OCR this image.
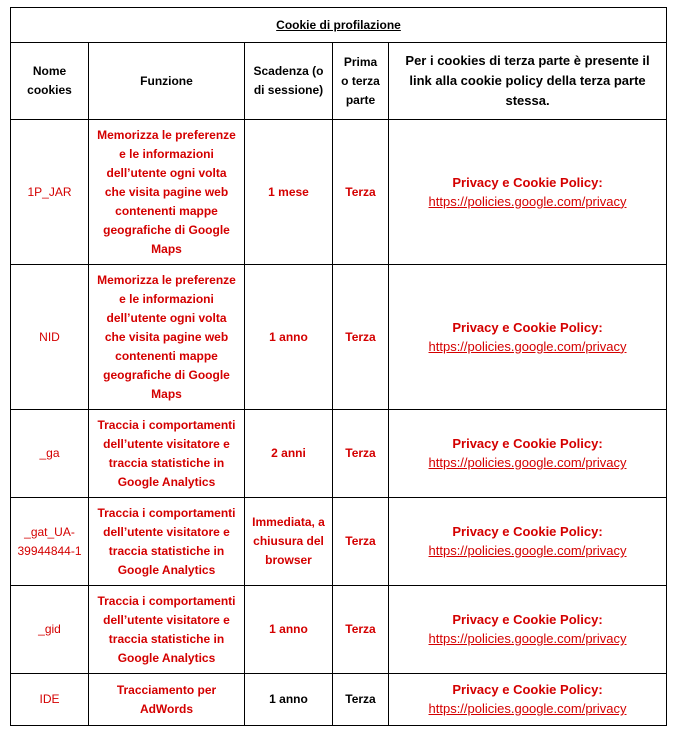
Cookie di profilazione				
Nome cookies	Funzione	Scadenza (o di sessione)	Prima o terza parte	Per i cookies di terza parte è presente il link alla cookie policy della terza parte stessa.
1P_JAR	Memorizza le preferenze e le informazioni dell’utente ogni volta che visita pagine web contenenti mappe geografiche di Google Maps	1 mese	Terza	Privacy e Cookie Policy:
https://policies.google.com/privacy
NID	Memorizza le preferenze e le informazioni dell’utente ogni volta che visita pagine web contenenti mappe geografiche di Google Maps	1 anno	Terza	Privacy e Cookie Policy:
https://policies.google.com/privacy
_ga	Traccia i comportamenti dell’utente visitatore e traccia statistiche in Google Analytics	2 anni	Terza	Privacy e Cookie Policy:
https://policies.google.com/privacy
_gat_UA-39944844-1	Traccia i comportamenti dell’utente visitatore e traccia statistiche in Google Analytics	Immediata, a chiusura del browser	Terza	Privacy e Cookie Policy:
https://policies.google.com/privacy
_gid	Traccia i comportamenti dell’utente visitatore e traccia statistiche in Google Analytics	1 anno	Terza	Privacy e Cookie Policy:
https://policies.google.com/privacy
IDE	Tracciamento per AdWords	1 anno	Terza	Privacy e Cookie Policy:
https://policies.google.com/privacy
